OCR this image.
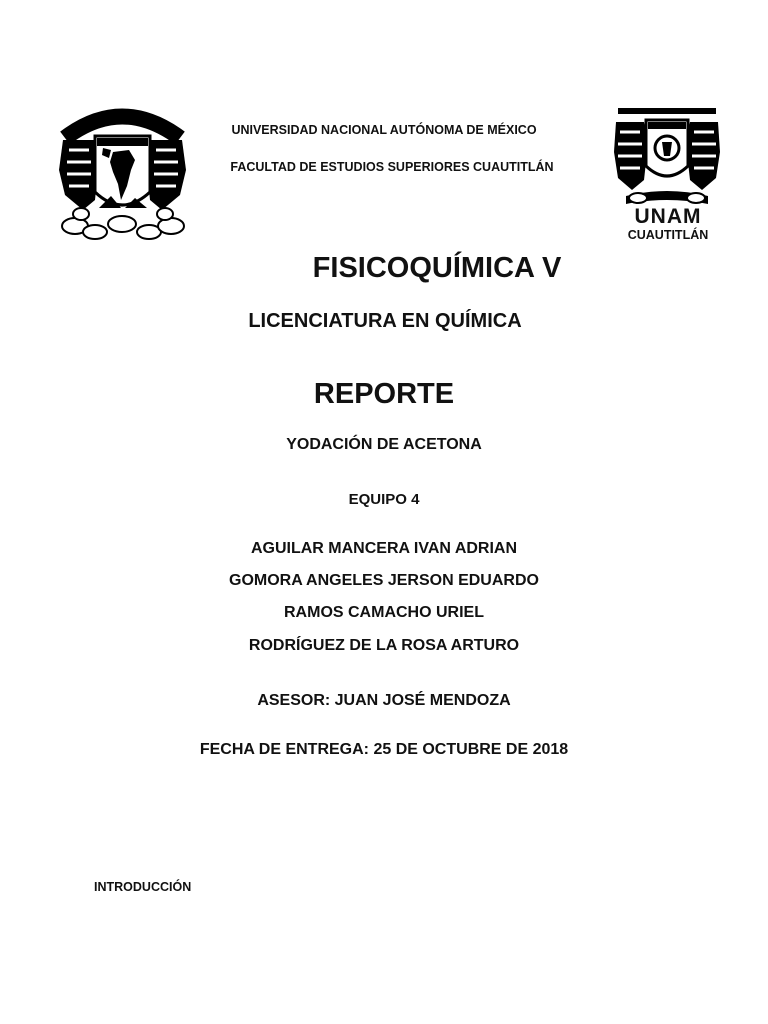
UNIVERSIDAD NACIONAL AUTÓNOMA DE MÉXICO
FACULTAD DE ESTUDIOS SUPERIORES CUAUTITLÁN
UNAM
CUAUTITLÁN
FISICOQUÍMICA V
LICENCIATURA EN QUÍMICA
REPORTE
YODACIÓN DE ACETONA
EQUIPO 4
AGUILAR MANCERA IVAN ADRIAN
GOMORA ANGELES JERSON EDUARDO
RAMOS CAMACHO URIEL
RODRÍGUEZ DE LA ROSA ARTURO
ASESOR: JUAN JOSÉ MENDOZA
FECHA DE ENTREGA: 25 DE OCTUBRE DE 2018
INTRODUCCIÓN
